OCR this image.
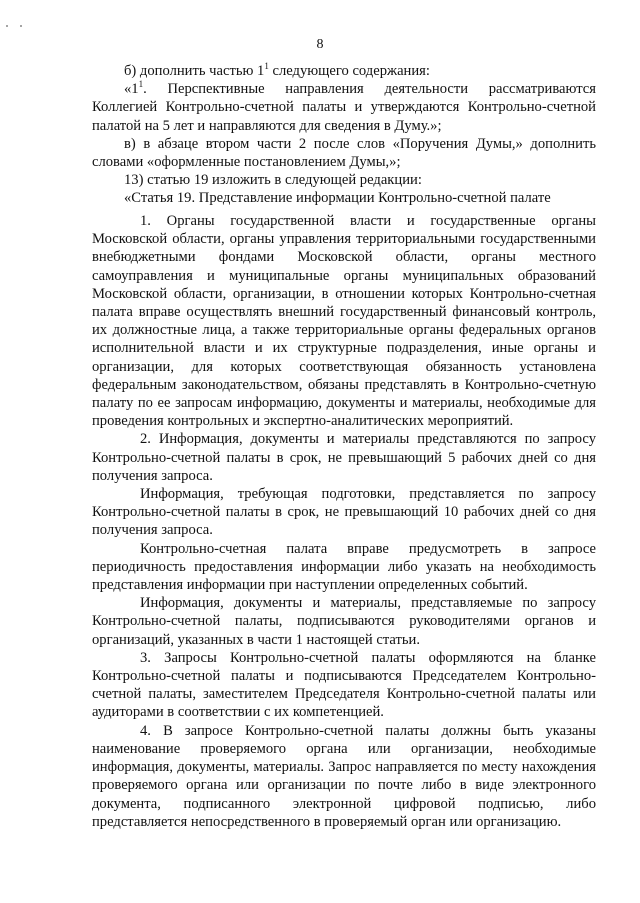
8

б) дополнить частью $1^1$ следующего содержания:

«$1^1$. Перспективные направления деятельности рассматриваются Коллегией Контрольно-счетной палаты и утверждаются Контрольно-счетной палатой на 5 лет и направляются для сведения в Думу.»;

в) в абзаце втором части 2 после слов «Поручения Думы,» дополнить словами «оформленные постановлением Думы,»;

13) статью 19 изложить в следующей редакции:

«Статья 19. Представление информации Контрольно-счетной палате

1. Органы государственной власти и государственные органы Московской области, органы управления территориальными государственными внебюджетными фондами Московской области, органы местного самоуправления и муниципальные органы муниципальных образований Московской области, организации, в отношении которых Контрольно-счетная палата вправе осуществлять внешний государственный финансовый контроль, их должностные лица, а также территориальные органы федеральных органов исполнительной власти и их структурные подразделения, иные органы и организации, для которых соответствующая обязанность установлена федеральным законодательством, обязаны представлять в Контрольно-счетную палату по ее запросам информацию, документы и материалы, необходимые для проведения контрольных и экспертно-аналитических мероприятий.

2. Информация, документы и материалы представляются по запросу Контрольно-счетной палаты в срок, не превышающий 5 рабочих дней со дня получения запроса.

Информация, требующая подготовки, представляется по запросу Контрольно-счетной палаты в срок, не превышающий 10 рабочих дней со дня получения запроса.

Контрольно-счетная палата вправе предусмотреть в запросе периодичность предоставления информации либо указать на необходимость представления информации при наступлении определенных событий.

Информация, документы и материалы, представляемые по запросу Контрольно-счетной палаты, подписываются руководителями органов и организаций, указанных в части 1 настоящей статьи.

3. Запросы Контрольно-счетной палаты оформляются на бланке Контрольно-счетной палаты и подписываются Председателем Контрольно-счетной палаты, заместителем Председателя Контрольно-счетной палаты или аудиторами в соответствии с их компетенцией.

4. В запросе Контрольно-счетной палаты должны быть указаны наименование проверяемого органа или организации, необходимые информация, документы, материалы. Запрос направляется по месту нахождения проверяемого органа или организации по почте либо в виде электронного документа, подписанного электронной цифровой подписью, либо представляется непосредственного в проверяемый орган или организацию.
